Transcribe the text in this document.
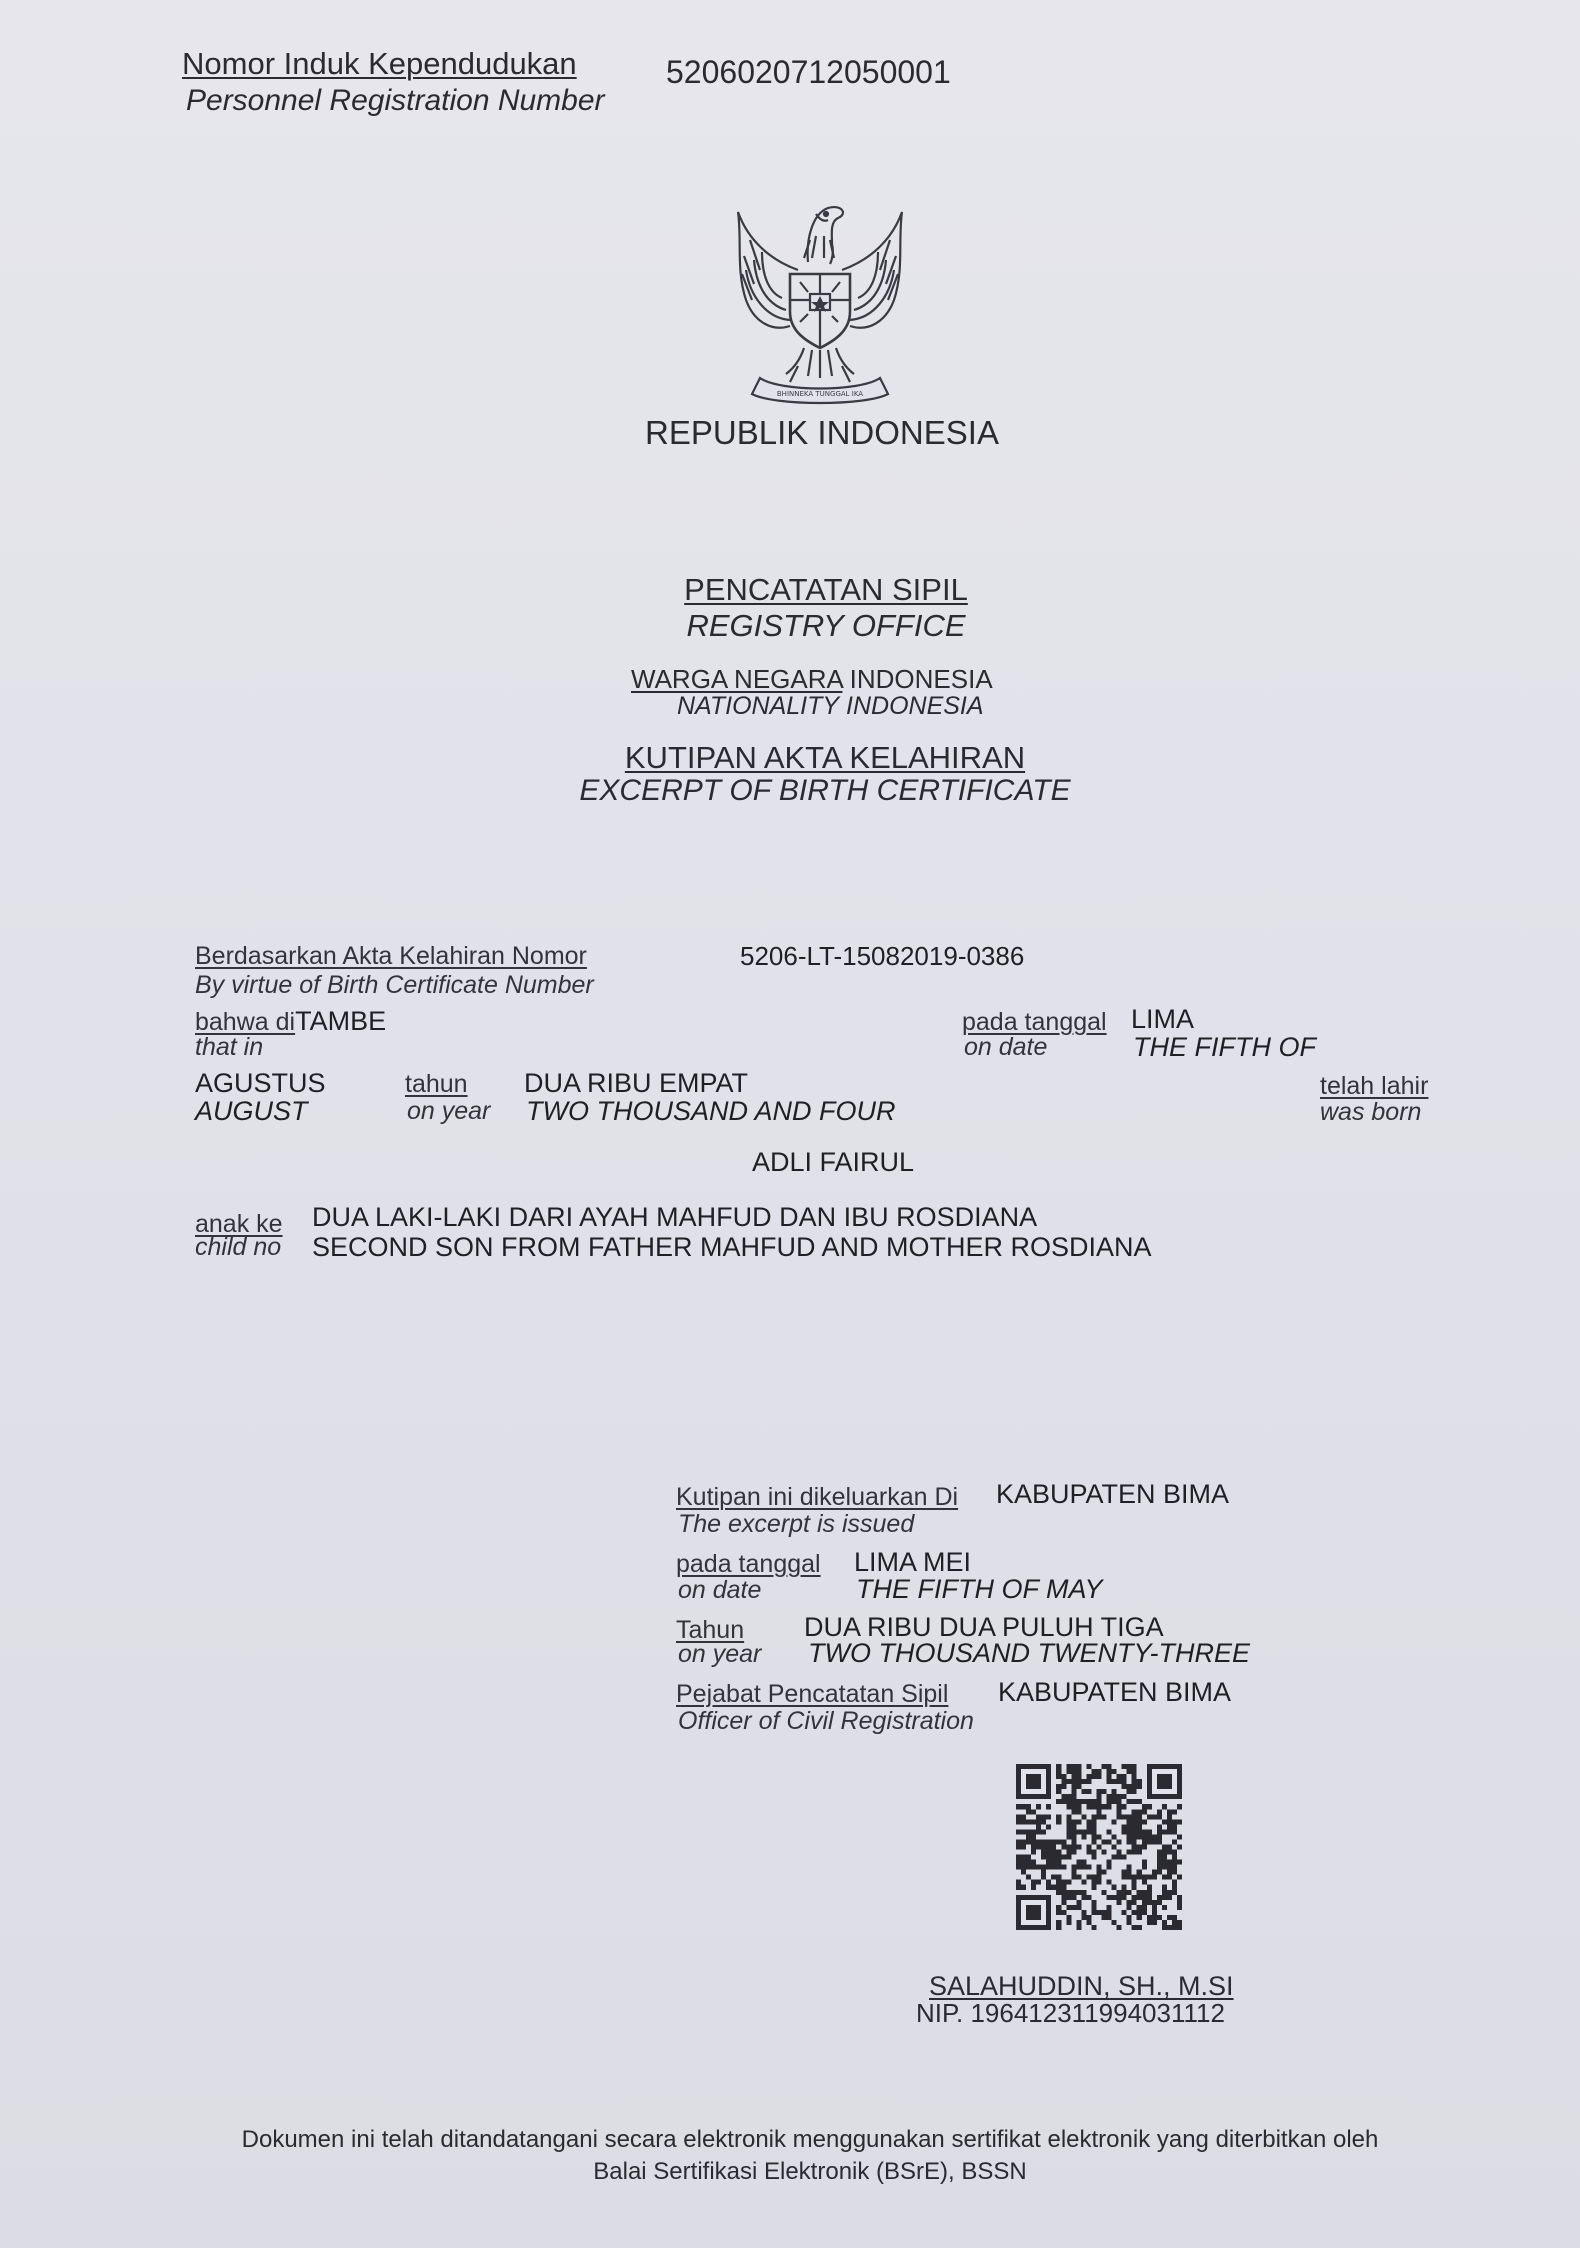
Nomor Induk Kependudukan
Personnel Registration Number
5206020712050001
BHINNEKA TUNGGAL IKA
REPUBLIK INDONESIA
PENCATATAN SIPIL
REGISTRY OFFICE
WARGA NEGARA INDONESIA
NATIONALITY INDONESIA
KUTIPAN AKTA KELAHIRAN
EXCERPT OF BIRTH CERTIFICATE
Berdasarkan Akta Kelahiran Nomor
By virtue of Birth Certificate Number
5206-LT-15082019-0386
bahwa diTAMBE
that in
pada tanggal
on date
LIMA
THE FIFTH OF
AGUSTUS
AUGUST
tahun
on year
DUA RIBU EMPAT
TWO THOUSAND AND FOUR
telah lahir
was born
ADLI FAIRUL
anak ke
child no
DUA LAKI-LAKI DARI AYAH MAHFUD DAN IBU ROSDIANA
SECOND SON FROM FATHER MAHFUD AND MOTHER ROSDIANA
Kutipan ini dikeluarkan Di
The excerpt is issued
KABUPATEN BIMA
pada tanggal
on date
LIMA MEI
THE FIFTH OF MAY
Tahun
on year
DUA RIBU DUA PULUH TIGA
TWO THOUSAND TWENTY-THREE
Pejabat Pencatatan Sipil
Officer of Civil Registration
KABUPATEN BIMA
SALAHUDDIN, SH., M.SI
NIP. 196412311994031112
Dokumen ini telah ditandatangani secara elektronik menggunakan sertifikat elektronik yang diterbitkan oleh
Balai Sertifikasi Elektronik (BSrE), BSSN
